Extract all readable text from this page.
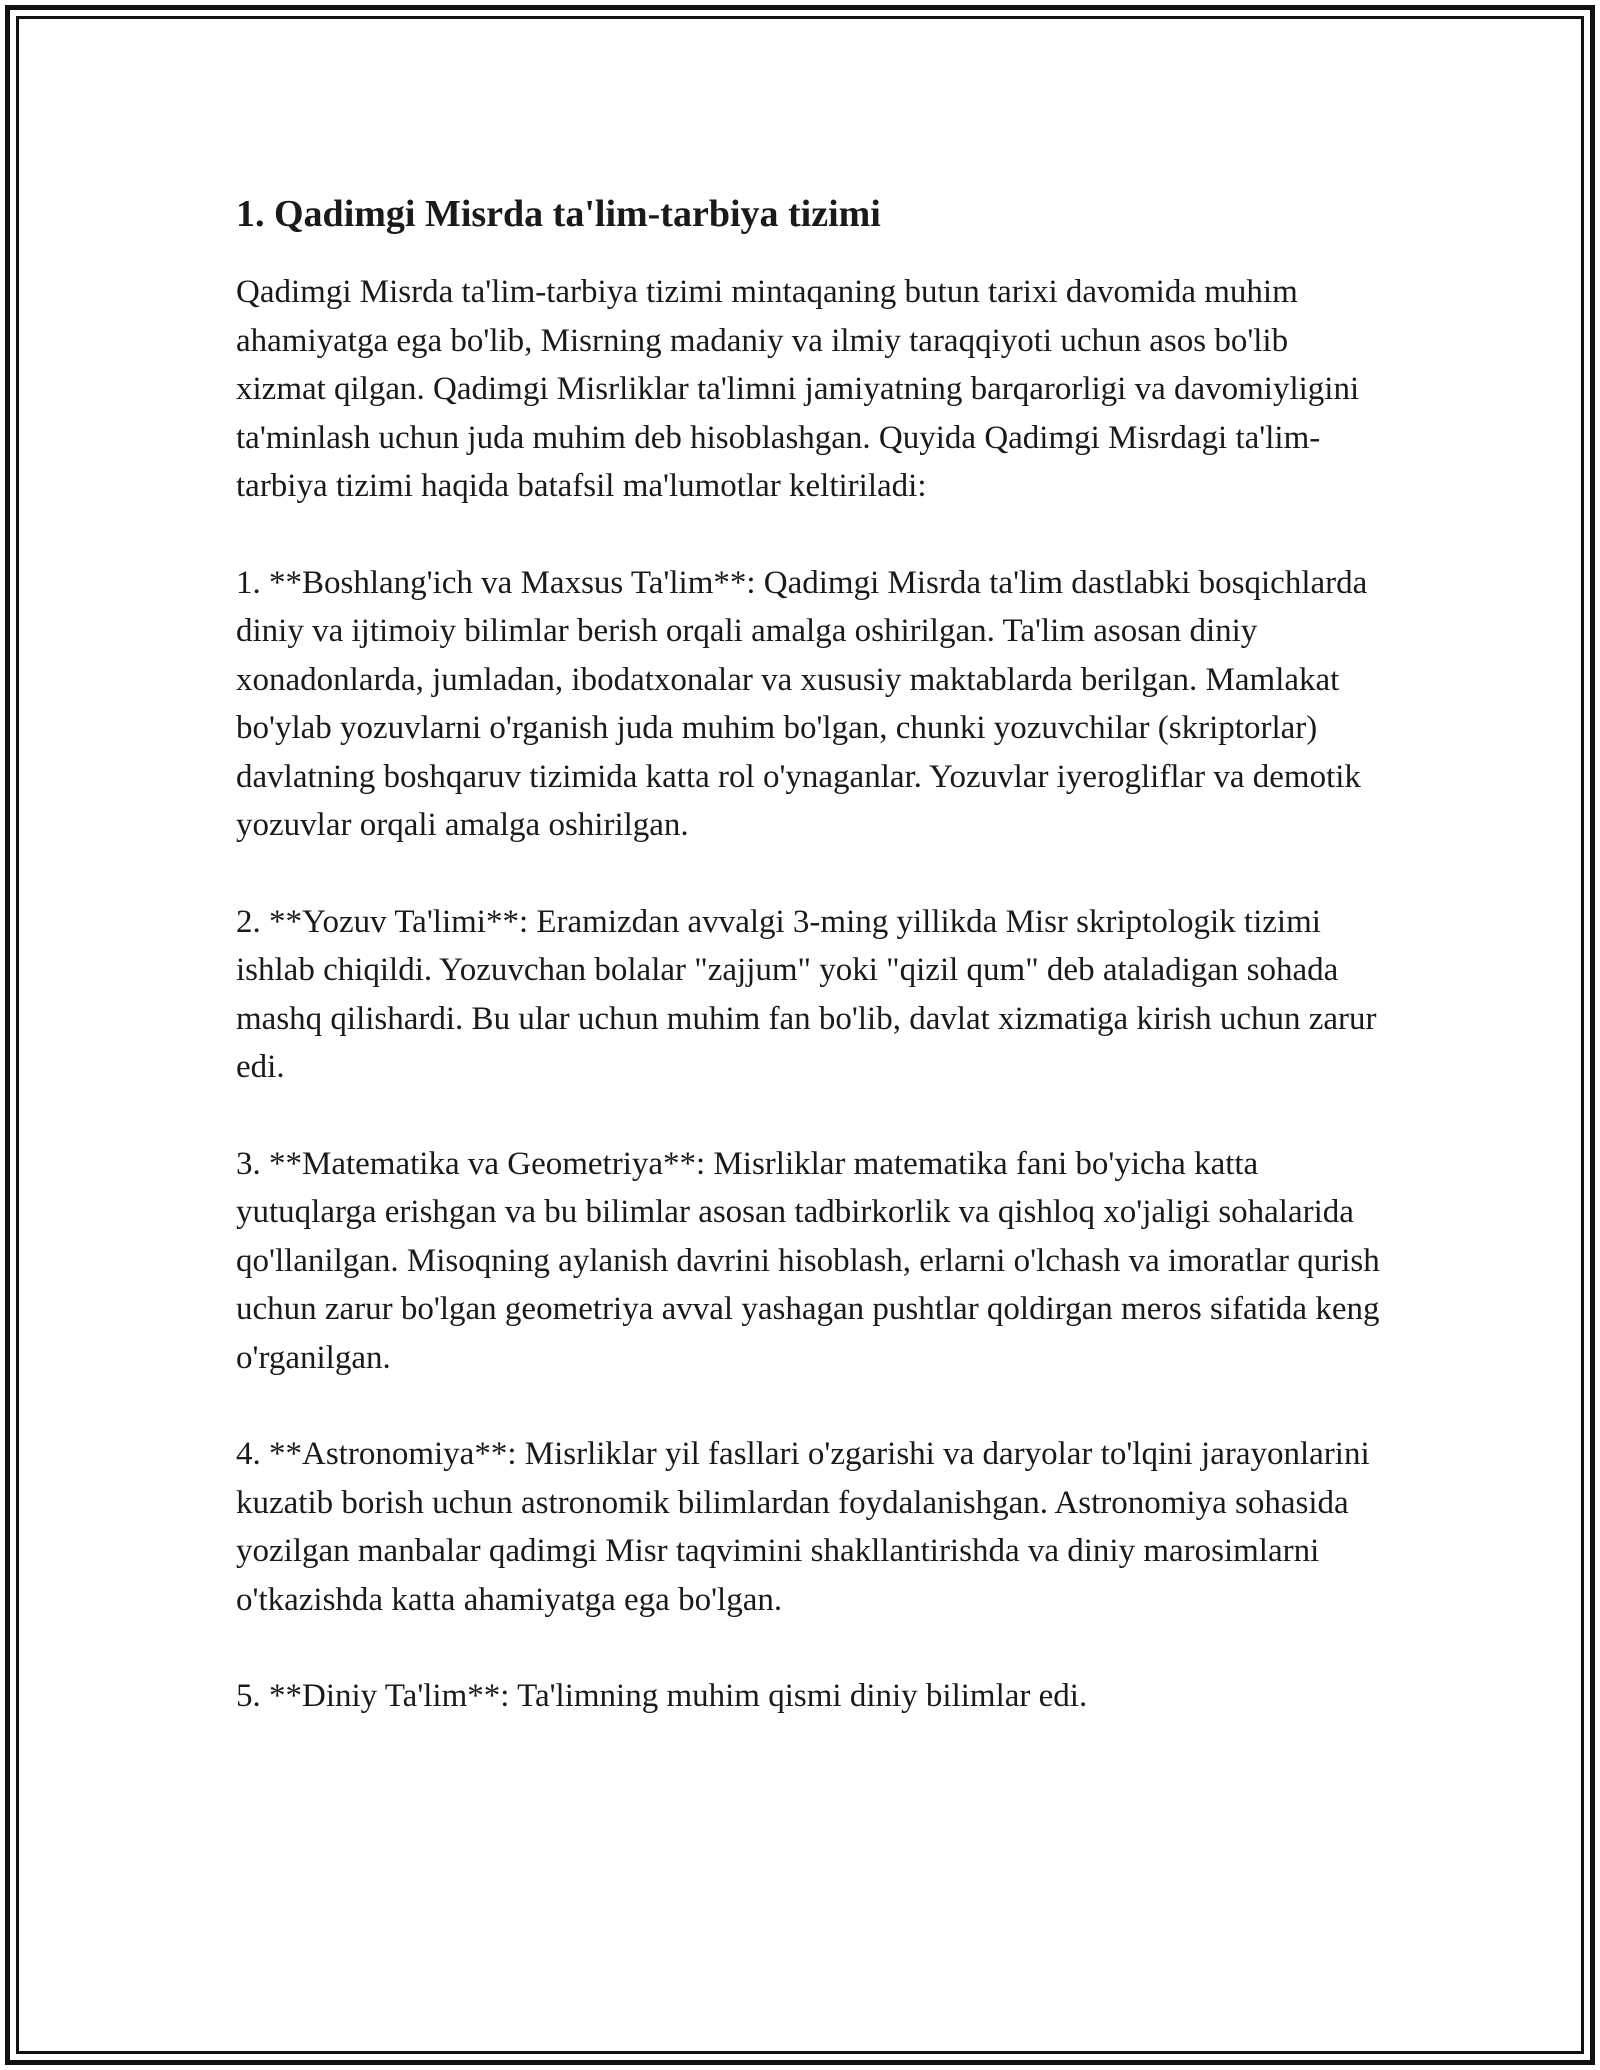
1. Qadimgi Misrda ta'lim-tarbiya tizimi

Qadimgi Misrda ta'lim-tarbiya tizimi mintaqaning butun tarixi davomida muhim ahamiyatga ega bo'lib, Misrning madaniy va ilmiy taraqqiyoti uchun asos bo'lib xizmat qilgan. Qadimgi Misrliklar ta'limni jamiyatning barqarorligi va davomiyligini ta'minlash uchun juda muhim deb hisoblashgan. Quyida Qadimgi Misrdagi ta'lim-tarbiya tizimi haqida batafsil ma'lumotlar keltiriladi:

1. **Boshlang'ich va Maxsus Ta'lim**: Qadimgi Misrda ta'lim dastlabki bosqichlarda diniy va ijtimoiy bilimlar berish orqali amalga oshirilgan. Ta'lim asosan diniy xonadonlarda, jumladan, ibodatxonalar va xususiy maktablarda berilgan. Mamlakat bo'ylab yozuvlarni o'rganish juda muhim bo'lgan, chunki yozuvchilar (skriptorlar) davlatning boshqaruv tizimida katta rol o'ynaganlar. Yozuvlar iyerogliflar va demotik yozuvlar orqali amalga oshirilgan.

2. **Yozuv Ta'limi**: Eramizdan avvalgi 3-ming yillikda Misr skriptologik tizimi ishlab chiqildi. Yozuvchan bolalar "zajjum" yoki "qizil qum" deb ataladigan sohada mashq qilishardi. Bu ular uchun muhim fan bo'lib, davlat xizmatiga kirish uchun zarur edi.

3. **Matematika va Geometriya**: Misrliklar matematika fani bo'yicha katta yutuqlarga erishgan va bu bilimlar asosan tadbirkorlik va qishloq xo'jaligi sohalarida qo'llanilgan. Misoqning aylanish davrini hisoblash, erlarni o'lchash va imoratlar qurish uchun zarur bo'lgan geometriya avval yashagan pushtlar qoldirgan meros sifatida keng o'rganilgan.

4. **Astronomiya**: Misrliklar yil fasllari o'zgarishi va daryolar to'lqini jarayonlarini kuzatib borish uchun astronomik bilimlardan foydalanishgan. Astronomiya sohasida yozilgan manbalar qadimgi Misr taqvimini shakllantirishda va diniy marosimlarni o'tkazishda katta ahamiyatga ega bo'lgan.

5. **Diniy Ta'lim**: Ta'limning muhim qismi diniy bilimlar edi.
